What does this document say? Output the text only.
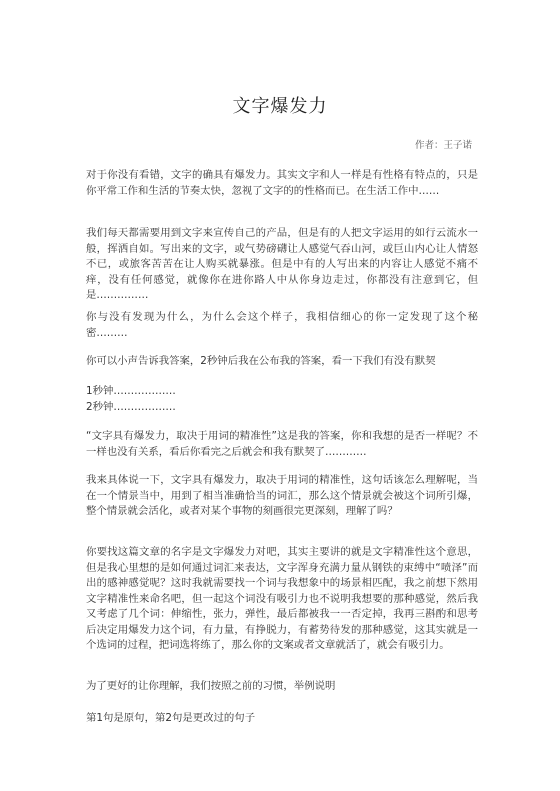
文字爆发力
作者：王子诺

对于你没有看错，文字的确具有爆发力。其实文字和人一样是有性格有特点的，只是你平常工作和生活的节奏太快，忽视了文字的的性格而已。在生活工作中……

我们每天都需要用到文字来宣传自己的产品，但是有的人把文字运用的如行云流水一般，挥洒自如。写出来的文字，或气势磅礴让人感觉气吞山河，或巨山内心让人情怒不已，或旅客苦苦在让人购买就暴涨。但是中有的人写出来的内容让人感觉不痛不痒，没有任何感觉，就像你在进你路人中从你身边走过，你都没有注意到它，但是……………

你与没有发现为什么，为什么会这个样子，我相信细心的你一定发现了这个秘密………

你可以小声告诉我答案，2秒钟后我在公布我的答案，看一下我们有没有默契
1秒钟………………
2秒钟………………

“文字具有爆发力，取决于用词的精准性”这是我的答案，你和我想的是否一样呢？不一样也没有关系，看后你看完之后就会和我有默契了…………

我来具体说一下，文字具有爆发力，取决于用词的精准性，这句话该怎么理解呢，当在一个情景当中，用到了相当准确恰当的词汇，那么这个情景就会被这个词所引爆，整个情景就会活化，或者对某个事物的刻画很完更深刻，理解了吗？

你要找这篇文章的名字是文字爆发力对吧，其实主要讲的就是文字精准性这个意思，但是我心里想的是如何通过词汇来表达，文字浑身充满力量从钢铁的束缚中“喷泽”而出的感神感觉呢？这时我就需要找一个词与我想象中的场景相匹配，我之前想下然用文字精准性来命名吧，但一起这个词没有吸引力也不说明我想要的那种感觉，然后我又考虑了几个词：伸缩性，张力，弹性，最后都被我一一否定掉，我再三斟酌和思考后决定用爆发力这个词，有力量，有挣脱力，有蓄势待发的那种感觉，这其实就是一个选词的过程，把词选将练了，那么你的文案或者文章就活了，就会有吸引力。

为了更好的让你理解，我们按照之前的习惯，举例说明
第1句是原句，第2句是更改过的句子
